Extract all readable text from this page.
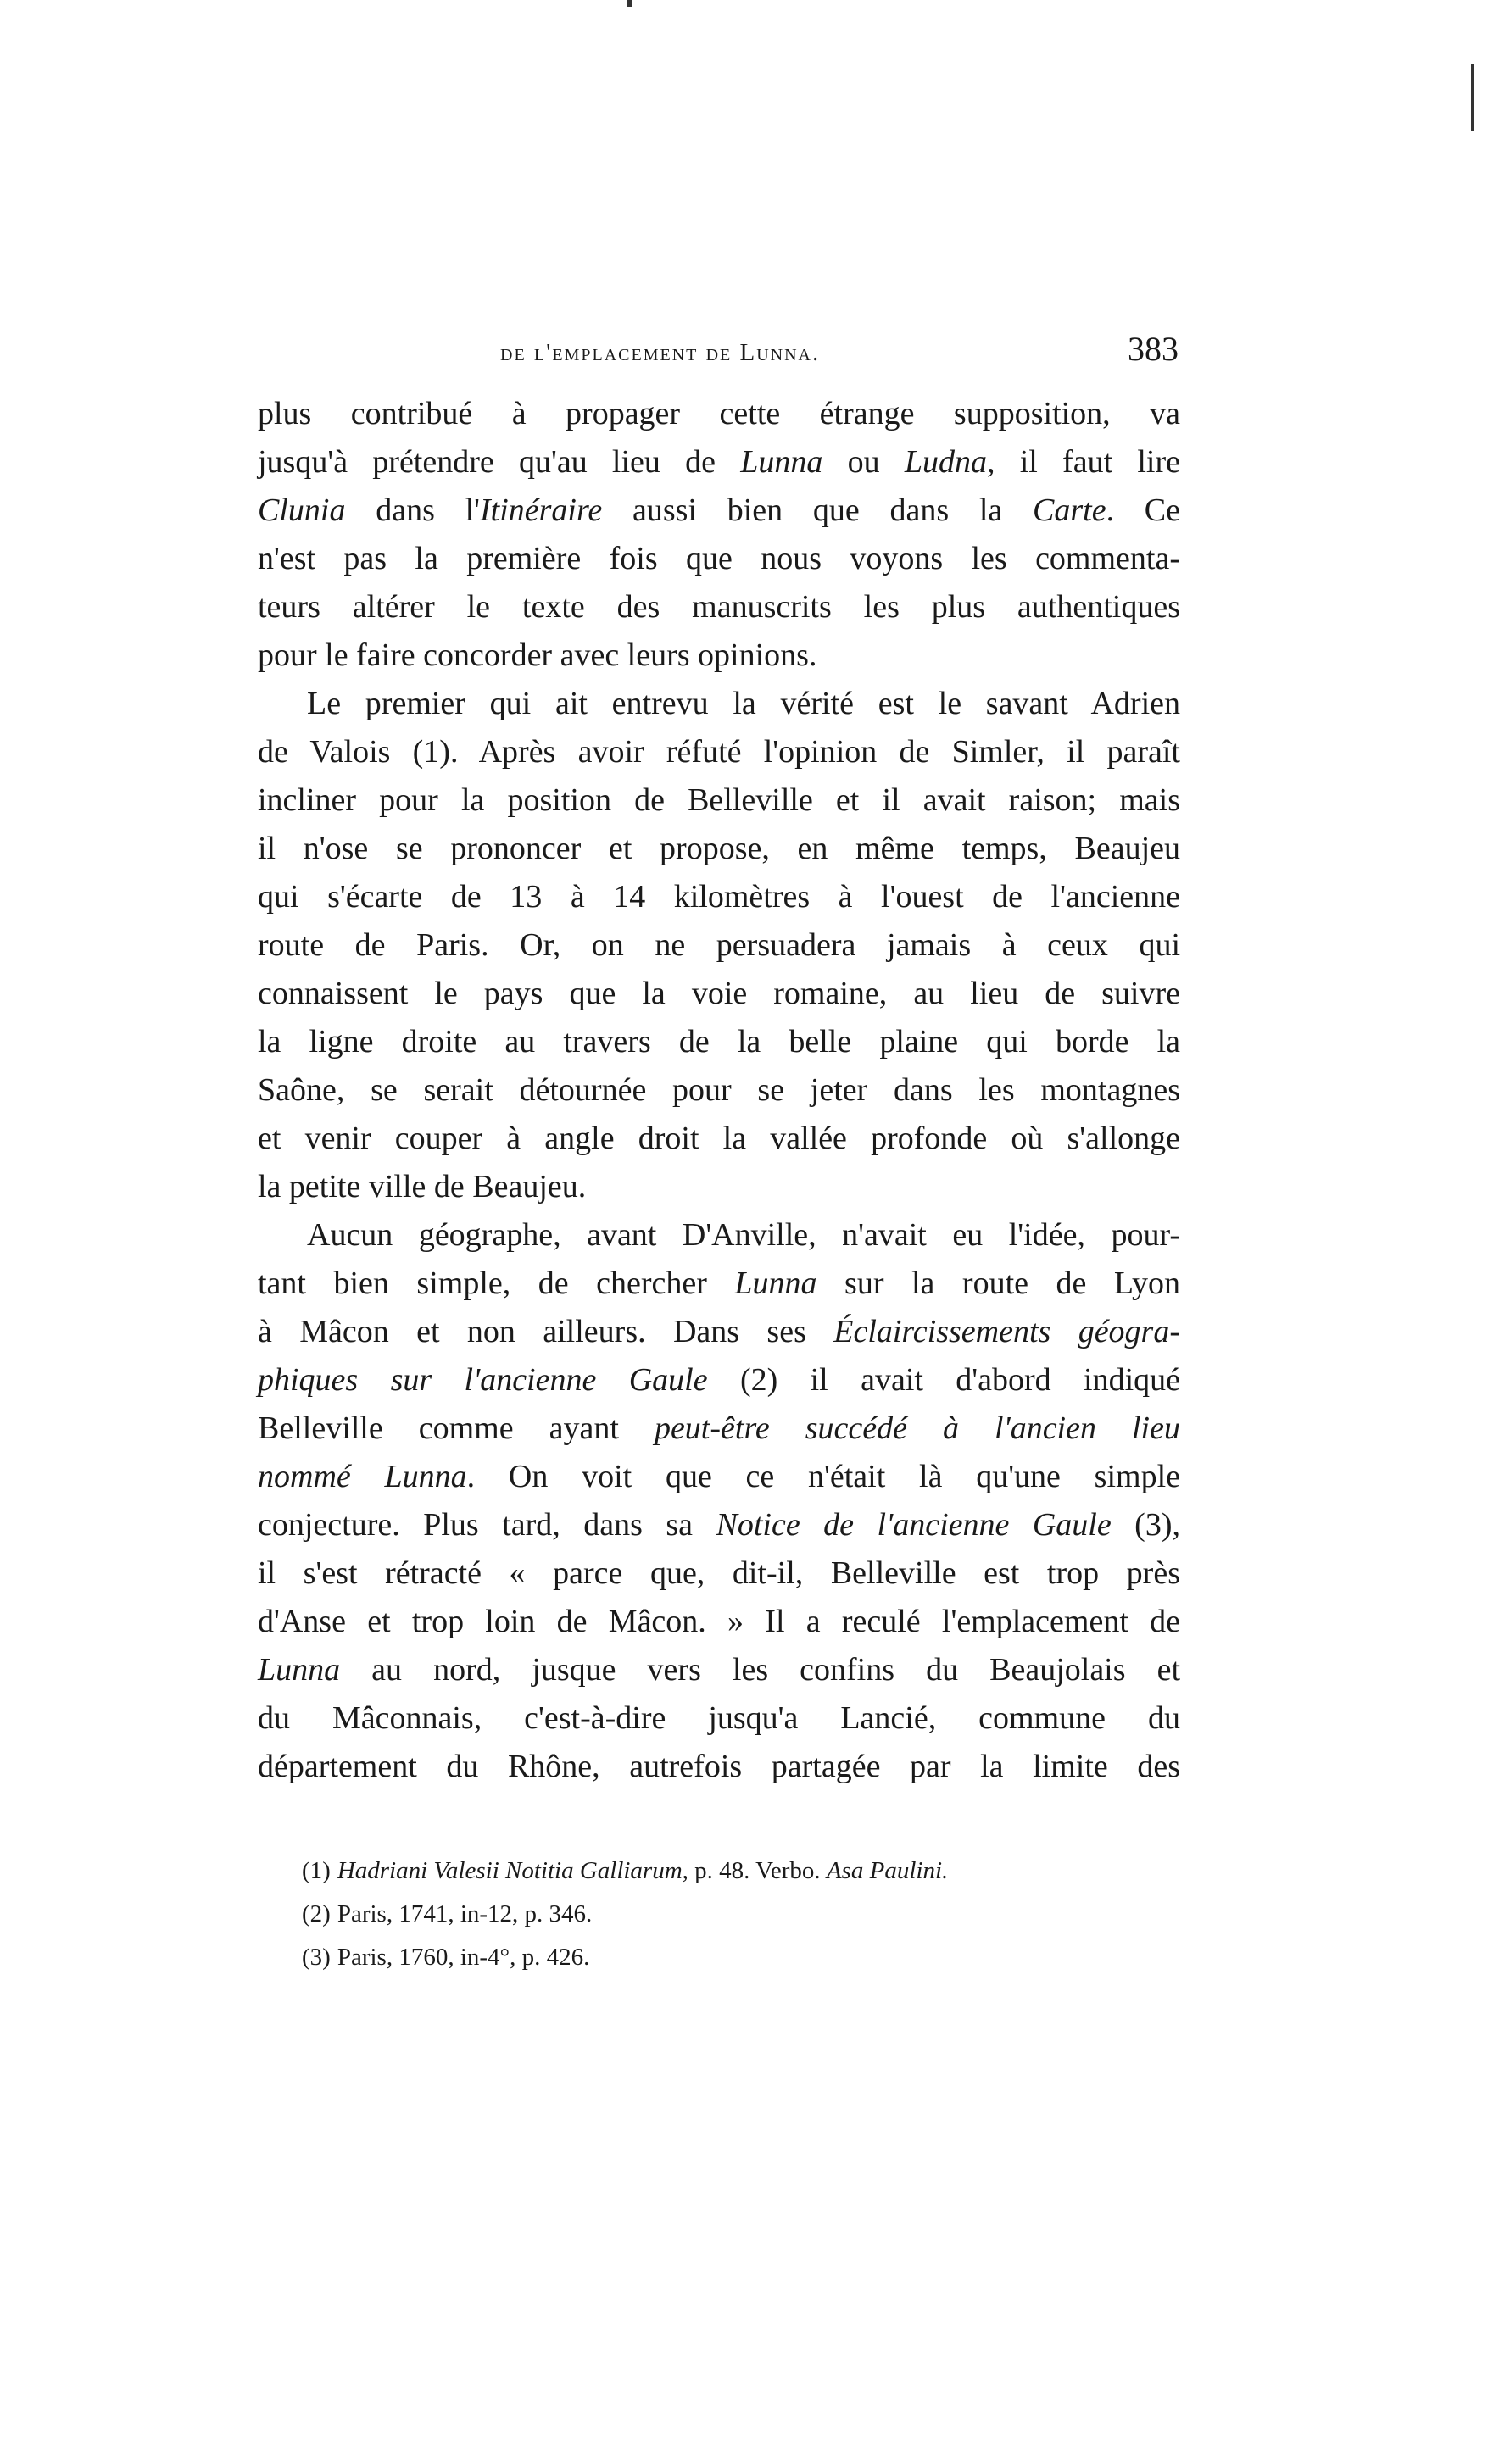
de l'emplacement de Lunna.	383
plus contribué à propager cette étrange supposition, va
jusqu'à prétendre qu'au lieu de Lunna ou Ludna, il faut lire
Clunia dans l'Itinéraire aussi bien que dans la Carte. Ce
n'est pas la première fois que nous voyons les commenta-
teurs altérer le texte des manuscrits les plus authentiques
pour le faire concorder avec leurs opinions.
Le premier qui ait entrevu la vérité est le savant Adrien
de Valois (1). Après avoir réfuté l'opinion de Simler, il paraît
incliner pour la position de Belleville et il avait raison; mais
il n'ose se prononcer et propose, en même temps, Beaujeu
qui s'écarte de 13 à 14 kilomètres à l'ouest de l'ancienne
route de Paris. Or, on ne persuadera jamais à ceux qui
connaissent le pays que la voie romaine, au lieu de suivre
la ligne droite au travers de la belle plaine qui borde la
Saône, se serait détournée pour se jeter dans les montagnes
et venir couper à angle droit la vallée profonde où s'allonge
la petite ville de Beaujeu.
Aucun géographe, avant D'Anville, n'avait eu l'idée, pour-
tant bien simple, de chercher Lunna sur la route de Lyon
à Mâcon et non ailleurs. Dans ses Éclaircissements géogra-
phiques sur l'ancienne Gaule (2) il avait d'abord indiqué
Belleville comme ayant peut-être succédé à l'ancien lieu
nommé Lunna. On voit que ce n'était là qu'une simple
conjecture. Plus tard, dans sa Notice de l'ancienne Gaule (3),
il s'est rétracté « parce que, dit-il, Belleville est trop près
d'Anse et trop loin de Mâcon. » Il a reculé l'emplacement de
Lunna au nord, jusque vers les confins du Beaujolais et
du Mâconnais, c'est-à-dire jusqu'a Lancié, commune du
département du Rhône, autrefois partagée par la limite des
(1) Hadriani Valesii Notitia Galliarum, p. 48. Verbo. Asa Paulini.
(2) Paris, 1741, in-12, p. 346.
(3) Paris, 1760, in-4°, p. 426.
